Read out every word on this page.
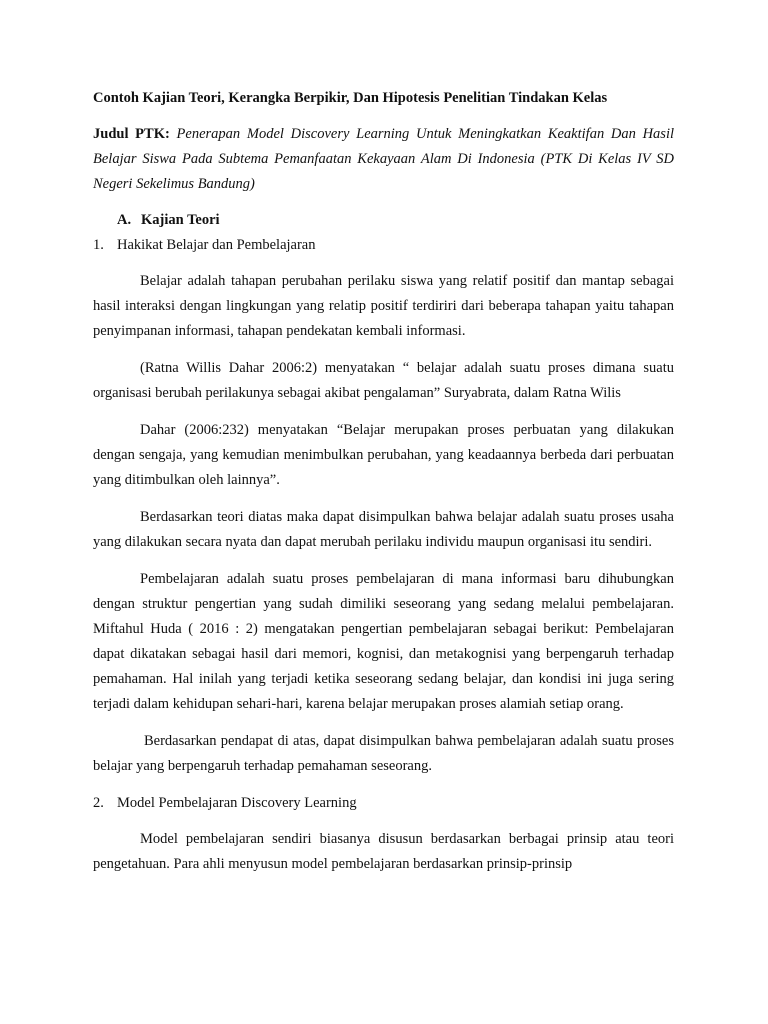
Contoh Kajian Teori, Kerangka Berpikir, Dan Hipotesis Penelitian Tindakan Kelas

Judul PTK: Penerapan Model Discovery Learning Untuk Meningkatkan Keaktifan Dan Hasil Belajar Siswa Pada Subtema Pemanfaatan Kekayaan Alam Di Indonesia (PTK Di Kelas IV SD Negeri Sekelimus Bandung)

A. Kajian Teori
1. Hakikat Belajar dan Pembelajaran

Belajar adalah tahapan perubahan perilaku siswa yang relatif positif dan mantap sebagai hasil interaksi dengan lingkungan yang relatip positif terdiriri dari beberapa tahapan yaitu tahapan penyimpanan informasi, tahapan pendekatan kembali informasi.

(Ratna Willis Dahar 2006:2) menyatakan “ belajar adalah suatu proses dimana suatu organisasi berubah perilakunya sebagai akibat pengalaman” Suryabrata, dalam Ratna Wilis

Dahar (2006:232) menyatakan “Belajar merupakan proses perbuatan yang dilakukan dengan sengaja, yang kemudian menimbulkan perubahan, yang keadaannya berbeda dari perbuatan yang ditimbulkan oleh lainnya”.

Berdasarkan teori diatas maka dapat disimpulkan bahwa belajar adalah suatu proses usaha yang dilakukan secara nyata dan dapat merubah perilaku individu maupun organisasi itu sendiri.

Pembelajaran adalah suatu proses pembelajaran di mana informasi baru dihubungkan dengan struktur pengertian yang sudah dimiliki seseorang yang sedang melalui pembelajaran. Miftahul Huda ( 2016 : 2) mengatakan pengertian pembelajaran sebagai berikut: Pembelajaran dapat dikatakan sebagai hasil dari memori, kognisi, dan metakognisi yang berpengaruh terhadap pemahaman. Hal inilah yang terjadi ketika seseorang sedang belajar, dan kondisi ini juga sering terjadi dalam kehidupan sehari-hari, karena belajar merupakan proses alamiah setiap orang.

Berdasarkan pendapat di atas, dapat disimpulkan bahwa pembelajaran adalah suatu proses belajar yang berpengaruh terhadap pemahaman seseorang.

2. Model Pembelajaran Discovery Learning

Model pembelajaran sendiri biasanya disusun berdasarkan berbagai prinsip atau teori pengetahuan. Para ahli menyusun model pembelajaran berdasarkan prinsip-prinsip
